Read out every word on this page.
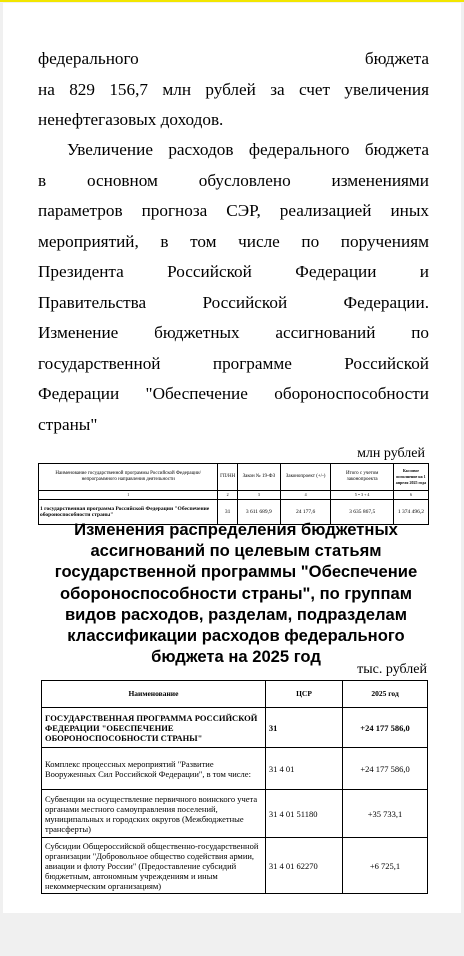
федерального бюджета
на 829 156,7 млн рублей за счет увеличения
ненефтегазовых доходов.

Увеличение расходов федерального бюджета
в основном обусловлено изменениями
параметров прогноза СЭР, реализацией иных
мероприятий, в том числе по поручениям
Президента Российской Федерации и
Правительства Российской Федерации.
Изменение бюджетных ассигнований по
государственной программе Российской
Федерации "Обеспечение обороноспособности
страны"

млн рублей
Наименование государственной программы Российской Федерации/ непрограммного направления деятельности	ГП/НН	Закон № 19-ФЗ	Законопроект (+/-)	Итого с учетом законопроекта	Кассовое исполнение на 1 апреля 2025 года
1	2	3	4	5 = 3 + 4	6
1 государственная программа Российской Федерации "Обеспечение обороноспособности страны"	31	3 611 689,9	24 177,6	3 635 867,5	1 374 496,2
Изменения распределения бюджетных ассигнований по целевым статьям государственной программы "Обеспечение обороноспособности страны", по группам видов расходов, разделам, подразделам классификации расходов федерального бюджета на 2025 год
тыс. рублей
Наименование	ЦСР	2025 год
ГОСУДАРСТВЕННАЯ ПРОГРАММА РОССИЙСКОЙ ФЕДЕРАЦИИ "ОБЕСПЕЧЕНИЕ ОБОРОНОСПОСОБНОСТИ СТРАНЫ"	31	+24 177 586,0
Комплекс процессных мероприятий "Развитие Вооруженных Сил Российской Федерации", в том числе:	31 4 01	+24 177 586,0
Субвенции на осуществление первичного воинского учета органами местного самоуправления поселений, муниципальных и городских округов (Межбюджетные трансферты)	31 4 01 51180	+35 733,1
Субсидии Общероссийской общественно-государственной организации "Добровольное общество содействия армии, авиации и флоту России" (Предоставление субсидий бюджетным, автономным учреждениям и иным некоммерческим организациям)	31 4 01 62270	+6 725,1
